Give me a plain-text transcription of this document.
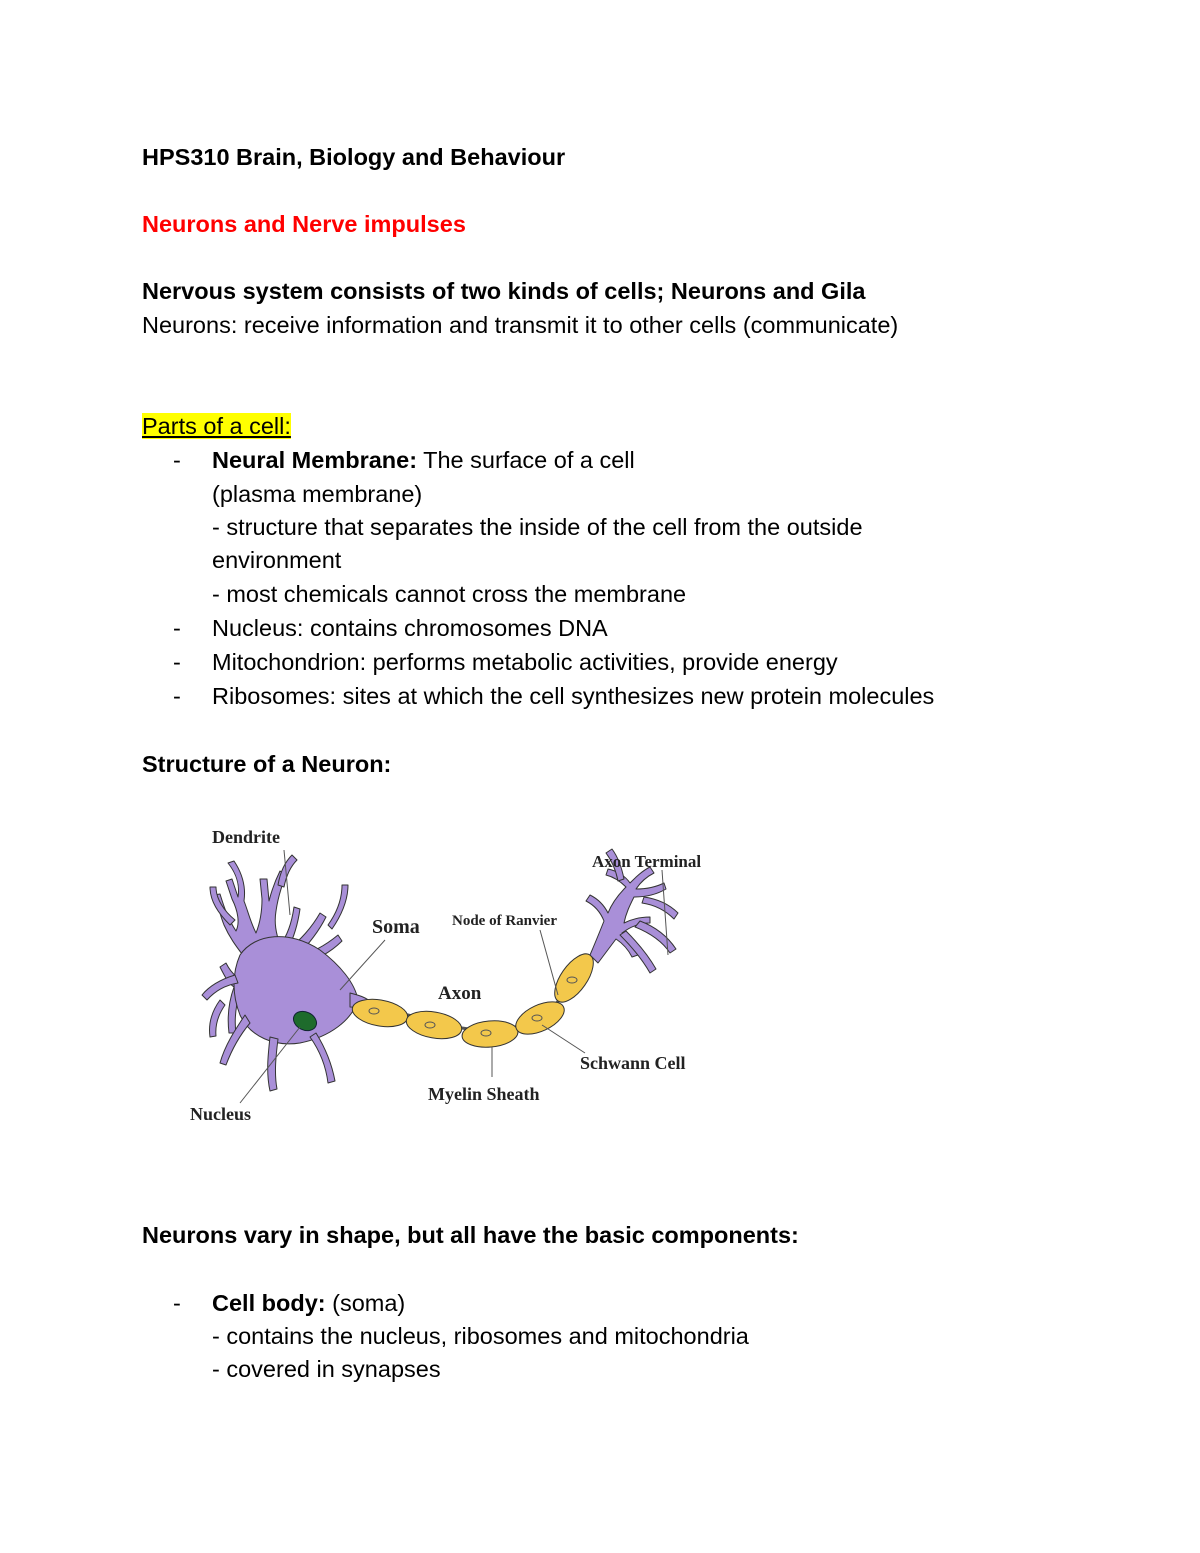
HPS310 Brain, Biology and Behaviour
Neurons and Nerve impulses
Nervous system consists of two kinds of cells; Neurons and Gila
Neurons: receive information and transmit it to other cells (communicate)
Parts of a cell:
- Neural Membrane: The surface of a cell
(plasma membrane)
- structure that separates the inside of the cell from the outside
environment
- most chemicals cannot cross the membrane
- Nucleus: contains chromosomes DNA
- Mitochondrion: performs metabolic activities, provide energy
- Ribosomes: sites at which the cell synthesizes new protein molecules
Structure of a Neuron:
Dendrite
Soma
Axon
Node of Ranvier
Axon Terminal
Schwann Cell
Myelin Sheath
Nucleus
Neurons vary in shape, but all have the basic components:
- Cell body: (soma)
- contains the nucleus, ribosomes and mitochondria
- covered in synapses
